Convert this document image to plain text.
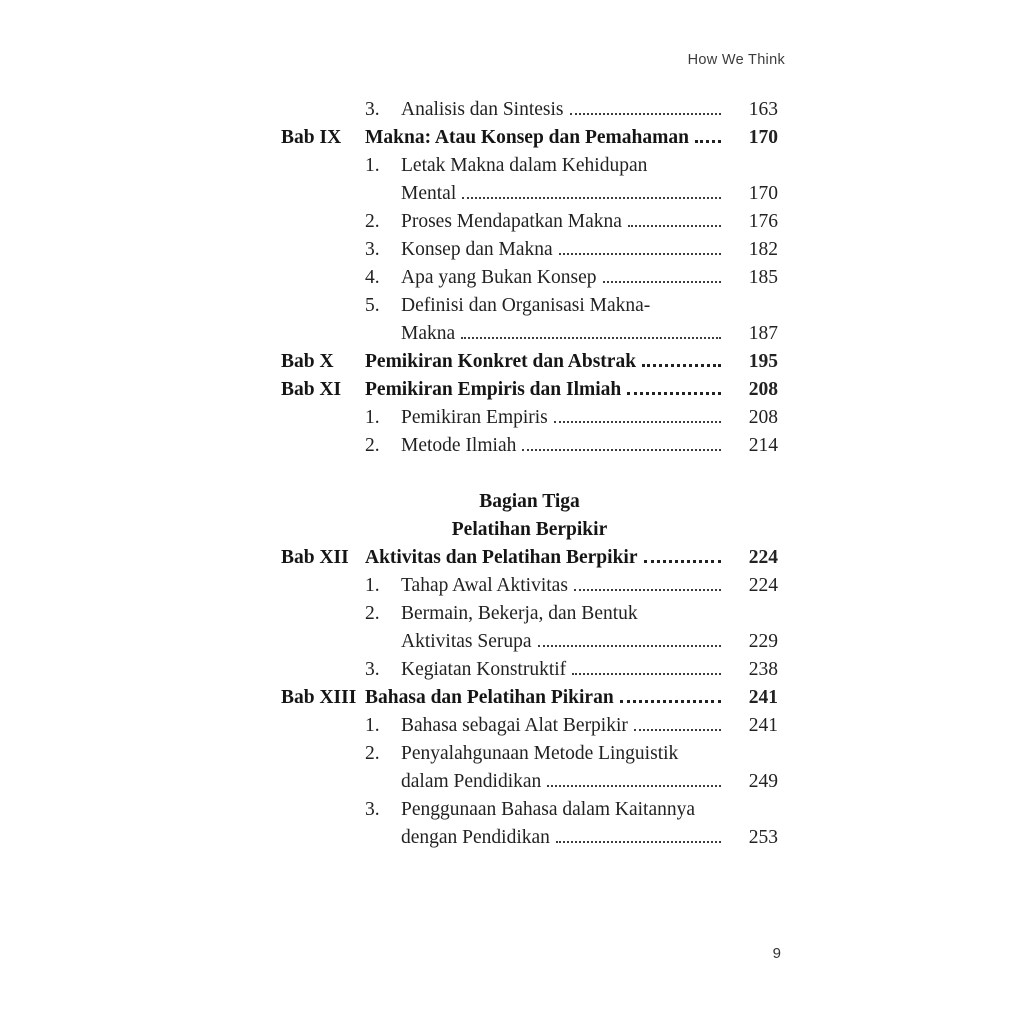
How We Think
3.	Analisis dan Sintesis	163
Bab IX	Makna: Atau Konsep dan Pemahaman	170
1.	Letak Makna dalam Kehidupan
Mental	170
2.	Proses Mendapatkan Makna	176
3.	Konsep dan Makna	182
4.	Apa yang Bukan Konsep	185
5.	Definisi dan Organisasi Makna-
Makna	187
Bab X	Pemikiran Konkret dan Abstrak	195
Bab XI	Pemikiran Empiris dan Ilmiah	208
1.	Pemikiran Empiris	208
2.	Metode Ilmiah	214
Bagian Tiga
Pelatihan Berpikir
Bab XII Aktivitas dan Pelatihan Berpikir	224
1.	Tahap Awal Aktivitas	224
2.	Bermain, Bekerja, dan Bentuk
Aktivitas Serupa	229
3.	Kegiatan Konstruktif	238
Bab XIII Bahasa dan Pelatihan Pikiran	241
1.	Bahasa sebagai Alat Berpikir	241
2.	Penyalahgunaan Metode Linguistik
dalam Pendidikan	249
3.	Penggunaan Bahasa dalam Kaitannya
dengan Pendidikan	253
9
